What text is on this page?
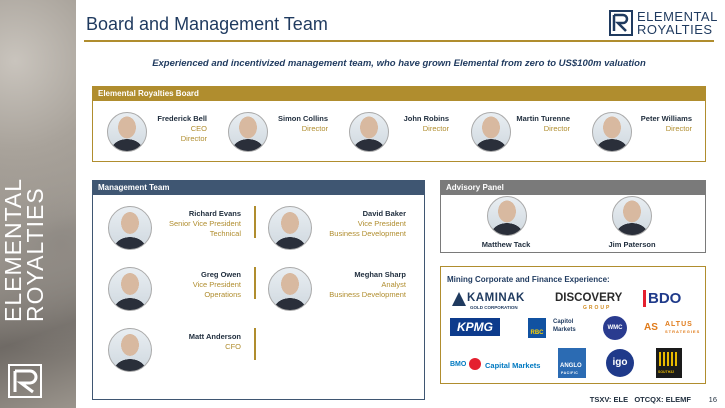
ELEMENTAL
ROYALTIES
Board and Management Team	ELEMENTAL
ROYALTIES
Experienced and incentivized management team, who have grown Elemental from zero to US$100m valuation
Elemental Royalties Board
Frederick Bell
CEO
Director
Simon Collins
Director
John Robins
Director
Martin Turenne
Director
Peter Williams
Director
Management Team
Richard Evans
Senior Vice President
Technical
David Baker
Vice President
Business Development
Greg Owen
Vice President
Operations
Meghan Sharp
Analyst
Business Development
Matt Anderson
CFO
Advisory Panel
Matthew Tack	Jim Paterson
Mining Corporate and Finance Experience:
KAMINAK
GOLD CORPORATION
DISCOVERY
GROUP
BDO
KPMG	RBC
Capitol
Markets	WMC	AS ALTUS
STRATEGIES
BMO Capital Markets	ANGLO
PACIFIC
igo
SOUTH32
TSXV: ELE   OTCQX: ELEMF 16
